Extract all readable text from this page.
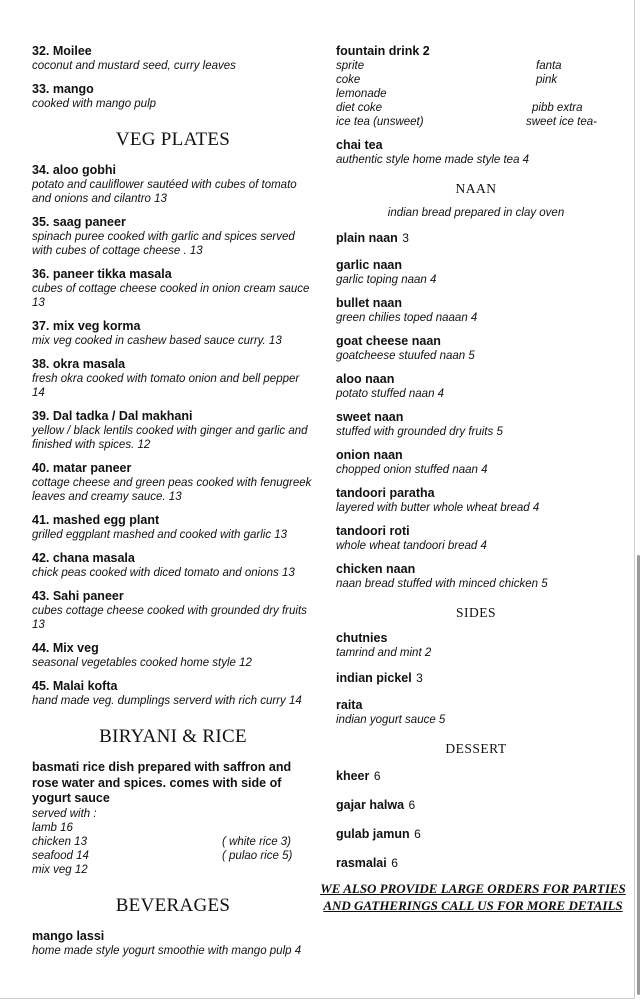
32. Moilee
coconut and mustard seed, curry leaves
33. mango
cooked with mango pulp
VEG PLATES
34. aloo gobhi
potato and cauliflower sautéed with cubes of tomato and onions and cilantro 13
35. saag paneer
spinach puree cooked with garlic and spices served with cubes of cottage cheese . 13
36. paneer tikka masala
cubes of cottage cheese cooked in onion cream sauce 13
37. mix veg korma
mix veg cooked in cashew based sauce curry. 13
38. okra masala
fresh okra cooked with tomato onion and bell pepper 14
39. Dal tadka / Dal makhani
yellow / black lentils cooked with ginger and garlic and finished with spices. 12
40. matar paneer
cottage cheese and green peas cooked with fenugreek leaves and creamy sauce. 13
41. mashed egg plant
grilled eggplant mashed and cooked with garlic 13
42. chana masala
chick peas cooked with diced tomato and onions 13
43. Sahi paneer
cubes cottage cheese cooked with grounded dry fruits 13
44. Mix veg
seasonal vegetables cooked home style 12
45. Malai kofta
hand made veg. dumplings serverd with rich curry 14
BIRYANI & RICE
basmati rice dish prepared with saffron and rose water and spices. comes with side of yogurt sauce
served with :
lamb 16
chicken 13	( white rice 3)
seafood 14	( pulao rice 5)
mix veg 12
BEVERAGES
mango lassi
home made style yogurt smoothie with mango pulp 4
fountain drink 2
sprite	fanta
coke	pink
lemonade
diet coke	pibb extra
ice tea (unsweet)	sweet ice tea-
chai tea
authentic style home made style tea 4
NAAN
indian bread prepared in clay oven
plain naan 3
garlic naan
garlic toping naan 4
bullet naan
green chilies toped naaan 4
goat cheese naan
goatcheese stuufed naan 5
aloo naan
potato stuffed naan 4
sweet naan
stuffed with grounded dry fruits 5
onion naan
chopped onion stuffed naan 4
tandoori paratha
layered with butter whole wheat bread 4
tandoori roti
whole wheat tandoori bread 4
chicken naan
naan bread stuffed with minced chicken 5
SIDES
chutnies
tamrind and mint 2
indian pickel 3
raita
indian yogurt sauce 5
DESSERT
kheer 6
gajar halwa 6
gulab jamun 6
rasmalai 6
WE ALSO PROVIDE LARGE ORDERS FOR PARTIES AND GATHERINGS CALL US FOR MORE DETAILS
